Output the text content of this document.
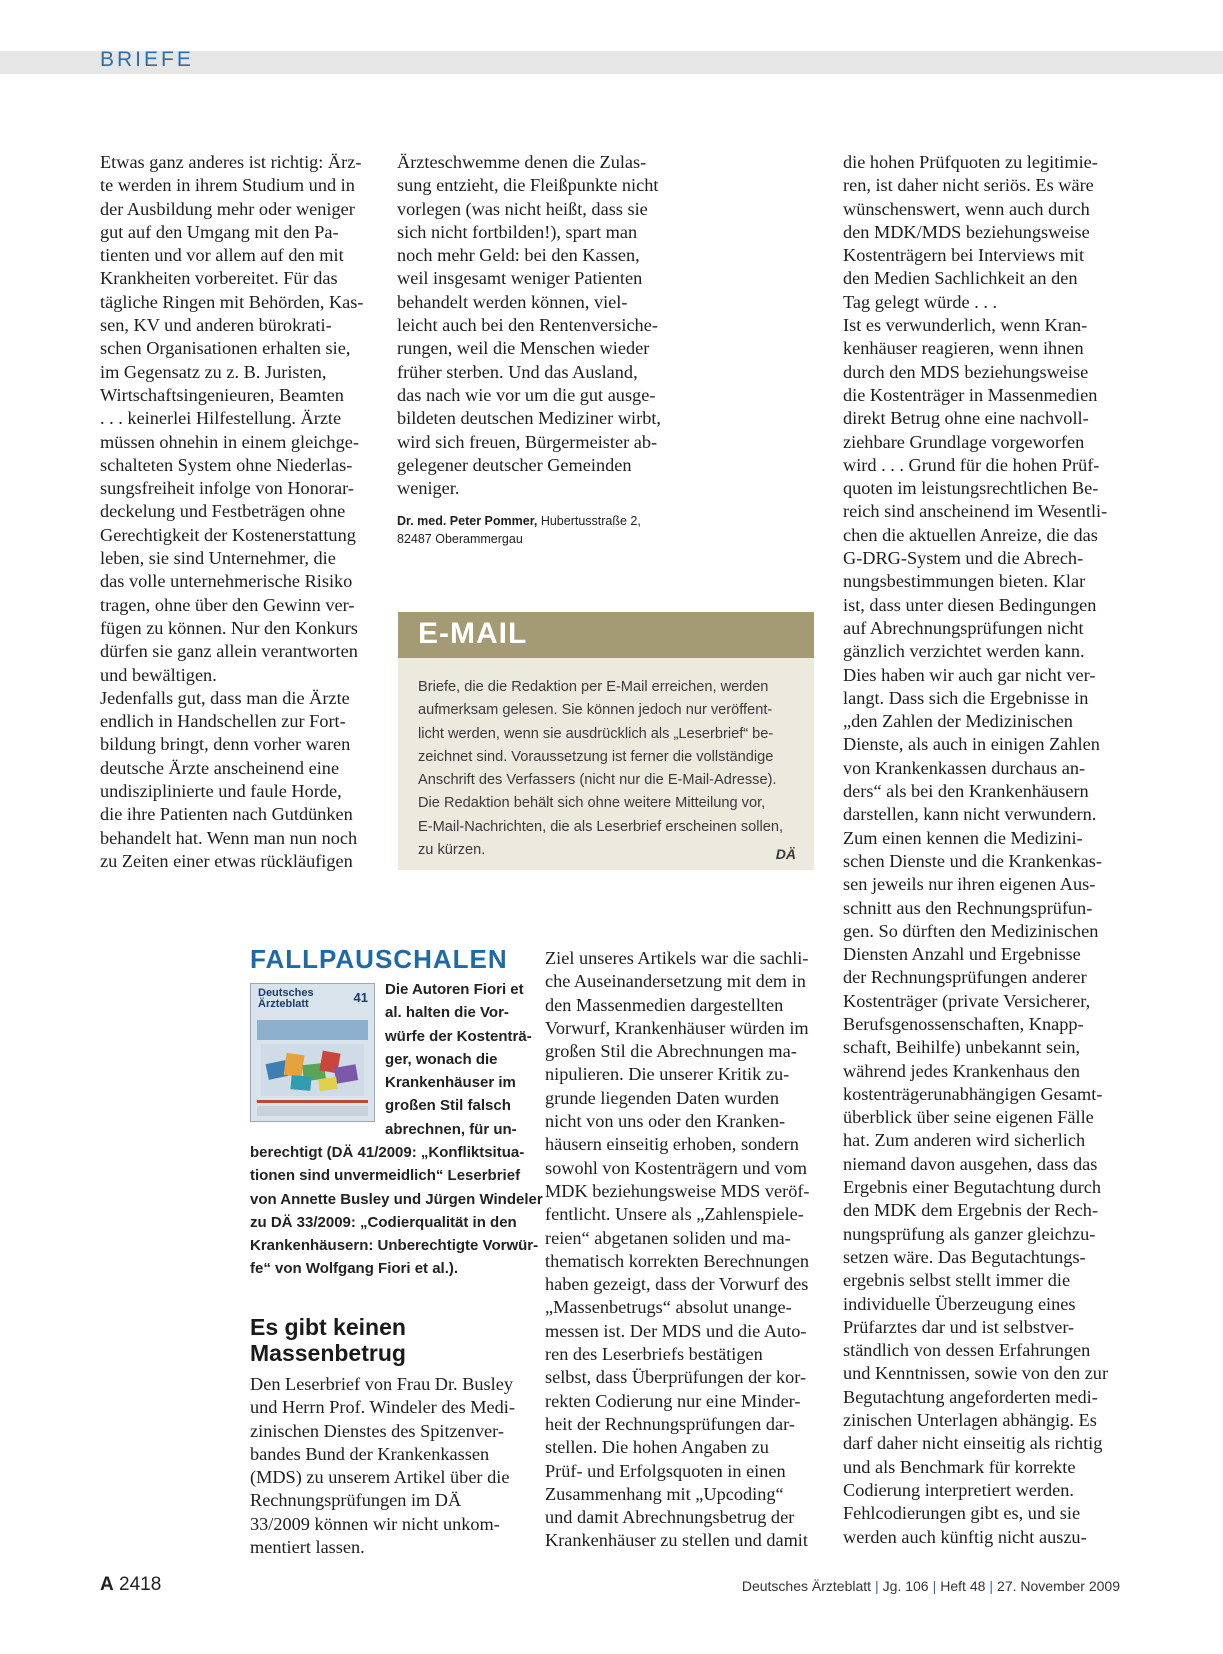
BRIEFE
Etwas ganz anderes ist richtig: Ärz-
te werden in ihrem Studium und in
der Ausbildung mehr oder weniger
gut auf den Umgang mit den Pa-
tienten und vor allem auf den mit
Krankheiten vorbereitet. Für das
tägliche Ringen mit Behörden, Kas-
sen, KV und anderen bürokrati-
schen Organisationen erhalten sie,
im Gegensatz zu z. B. Juristen,
Wirtschaftsingenieuren, Beamten
. . . keinerlei Hilfestellung. Ärzte
müssen ohnehin in einem gleichge-
schalteten System ohne Niederlas-
sungsfreiheit infolge von Honorar-
deckelung und Festbeträgen ohne
Gerechtigkeit der Kostenerstattung
leben, sie sind Unternehmer, die
das volle unternehmerische Risiko
tragen, ohne über den Gewinn ver-
fügen zu können. Nur den Konkurs
dürfen sie ganz allein verantworten
und bewältigen.
Jedenfalls gut, dass man die Ärzte
endlich in Handschellen zur Fort-
bildung bringt, denn vorher waren
deutsche Ärzte anscheinend eine
undisziplinierte und faule Horde,
die ihre Patienten nach Gutdünken
behandelt hat. Wenn man nun noch
zu Zeiten einer etwas rückläufigen
Ärzteschwemme denen die Zulas-
sung entzieht, die Fleißpunkte nicht
vorlegen (was nicht heißt, dass sie
sich nicht fortbilden!), spart man
noch mehr Geld: bei den Kassen,
weil insgesamt weniger Patienten
behandelt werden können, viel-
leicht auch bei den Rentenversiche-
rungen, weil die Menschen wieder
früher sterben. Und das Ausland,
das nach wie vor um die gut ausge-
bildeten deutschen Mediziner wirbt,
wird sich freuen, Bürgermeister ab-
gelegener deutscher Gemeinden
weniger.
Dr. med. Peter Pommer, Hubertusstraße 2,
82487 Oberammergau
E-MAIL
Briefe, die die Redaktion per E-Mail erreichen, werden
aufmerksam gelesen. Sie können jedoch nur veröffent-
licht werden, wenn sie ausdrücklich als „Leserbrief“ be-
zeichnet sind. Voraussetzung ist ferner die vollständige
Anschrift des Verfassers (nicht nur die E-Mail-Adresse).
Die Redaktion behält sich ohne weitere Mitteilung vor,
E-Mail-Nachrichten, die als Leserbrief erscheinen sollen,
zu kürzen.	DÄ
FALLPAUSCHALEN
Deutsches
Ärzteblatt	41 Die Autoren Fiori et
al. halten die Vor-
würfe der Kostenträ-
ger, wonach die
Krankenhäuser im
großen Stil falsch
abrechnen, für un-
berechtigt (DÄ 41/2009: „Konfliktsitua-
tionen sind unvermeidlich“ Leserbrief
von Annette Busley und Jürgen Windeler
zu DÄ 33/2009: „Codierqualität in den
Krankenhäusern: Unberechtigte Vorwür-
fe“ von Wolfgang Fiori et al.).
Es gibt keinen
Massenbetrug
Den Leserbrief von Frau Dr. Busley
und Herrn Prof. Windeler des Medi-
zinischen Dienstes des Spitzenver-
bandes Bund der Krankenkassen
(MDS) zu unserem Artikel über die
Rechnungsprüfungen im DÄ
33/2009 können wir nicht unkom-
mentiert lassen.
Ziel unseres Artikels war die sachli-
che Auseinandersetzung mit dem in
den Massenmedien dargestellten
Vorwurf, Krankenhäuser würden im
großen Stil die Abrechnungen ma-
nipulieren. Die unserer Kritik zu-
grunde liegenden Daten wurden
nicht von uns oder den Kranken-
häusern einseitig erhoben, sondern
sowohl von Kostenträgern und vom
MDK beziehungsweise MDS veröf-
fentlicht. Unsere als „Zahlenspiele-
reien“ abgetanen soliden und ma-
thematisch korrekten Berechnungen
haben gezeigt, dass der Vorwurf des
„Massenbetrugs“ absolut unange-
messen ist. Der MDS und die Auto-
ren des Leserbriefs bestätigen
selbst, dass Überprüfungen der kor-
rekten Codierung nur eine Minder-
heit der Rechnungsprüfungen dar-
stellen. Die hohen Angaben zu
Prüf- und Erfolgsquoten in einen
Zusammenhang mit „Upcoding“
und damit Abrechnungsbetrug der
Krankenhäuser zu stellen und damit
die hohen Prüfquoten zu legitimie-
ren, ist daher nicht seriös. Es wäre
wünschenswert, wenn auch durch
den MDK/MDS beziehungsweise
Kostenträgern bei Interviews mit
den Medien Sachlichkeit an den
Tag gelegt würde . . .
Ist es verwunderlich, wenn Kran-
kenhäuser reagieren, wenn ihnen
durch den MDS beziehungsweise
die Kostenträger in Massenmedien
direkt Betrug ohne eine nachvoll-
ziehbare Grundlage vorgeworfen
wird . . . Grund für die hohen Prüf-
quoten im leistungsrechtlichen Be-
reich sind anscheinend im Wesentli-
chen die aktuellen Anreize, die das
G-DRG-System und die Abrech-
nungsbestimmungen bieten. Klar
ist, dass unter diesen Bedingungen
auf Abrechnungsprüfungen nicht
gänzlich verzichtet werden kann.
Dies haben wir auch gar nicht ver-
langt. Dass sich die Ergebnisse in
„den Zahlen der Medizinischen
Dienste, als auch in einigen Zahlen
von Krankenkassen durchaus an-
ders“ als bei den Krankenhäusern
darstellen, kann nicht verwundern.
Zum einen kennen die Medizini-
schen Dienste und die Krankenkas-
sen jeweils nur ihren eigenen Aus-
schnitt aus den Rechnungsprüfun-
gen. So dürften den Medizinischen
Diensten Anzahl und Ergebnisse
der Rechnungsprüfungen anderer
Kostenträger (private Versicherer,
Berufsgenossenschaften, Knapp-
schaft, Beihilfe) unbekannt sein,
während jedes Krankenhaus den
kostenträgerunabhängigen Gesamt-
überblick über seine eigenen Fälle
hat. Zum anderen wird sicherlich
niemand davon ausgehen, dass das
Ergebnis einer Begutachtung durch
den MDK dem Ergebnis der Rech-
nungsprüfung als ganzer gleichzu-
setzen wäre. Das Begutachtungs-
ergebnis selbst stellt immer die
individuelle Überzeugung eines
Prüfarztes dar und ist selbstver-
ständlich von dessen Erfahrungen
und Kenntnissen, sowie von den zur
Begutachtung angeforderten medi-
zinischen Unterlagen abhängig. Es
darf daher nicht einseitig als richtig
und als Benchmark für korrekte
Codierung interpretiert werden.
Fehlcodierungen gibt es, und sie
werden auch künftig nicht auszu-
A 2418	Deutsches Ärzteblatt | Jg. 106 | Heft 48 | 27. November 2009
